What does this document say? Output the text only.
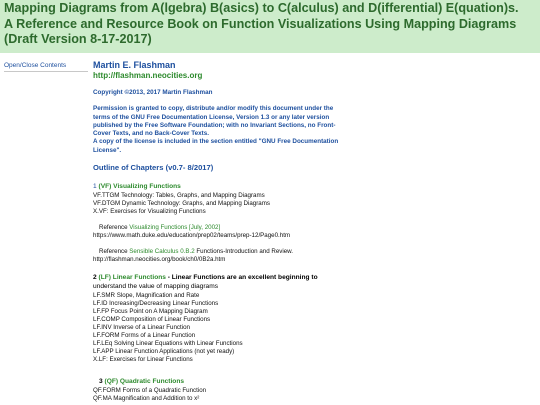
Mapping Diagrams from A(lgebra) B(asics) to C(alculus) and D(ifferential) E(quation)s.
A Reference and Resource Book on Function Visualizations Using Mapping Diagrams
(Draft Version 8-17-2017)
Open/Close Contents	Martin E. Flashman
http://flashman.neocities.org
Copyright ©2013, 2017 Martin Flashman
Permission is granted to copy, distribute and/or modify this document under the
terms of the GNU Free Documentation License, Version 1.3 or any later version
published by the Free Software Foundation; with no Invariant Sections, no Front-
Cover Texts, and no Back-Cover Texts.
A copy of the license is included in the section entitled "GNU Free Documentation
License".
Outline of Chapters (v0.7- 8/2017)
1 (VF) Visualizing Functions
VF.TTGM Technology: Tables, Graphs, and Mapping Diagrams
VF.DTGM Dynamic Technology: Graphs, and Mapping Diagrams
X.VF: Exercises for Visualizing Functions
Reference Visualizing Functions [July, 2002]
https://www.math.duke.edu/education/prep02/teams/prep-12/Page0.htm
Reference Sensible Calculus 0.B.2 Functions-Introduction and Review.
http://flashman.neocities.org/book/ch0/0B2a.htm
2 (LF) Linear Functions - Linear Functions are an excellent beginning to
understand the value of mapping diagrams
LF.SMR Slope, Magnification and Rate
LF.ID Increasing/Decreasing Linear Functions
LF.FP Focus Point on A Mapping Diagram
LF.COMP Composition of Linear Functions
LF.INV Inverse of a Linear Function
LF.FORM Forms of a Linear Function
LF.LEq Solving Linear Equations with Linear Functions
LF.APP Linear Function Applications (not yet ready)
X.LF: Exercises for Linear Functions
3 (QF) Quadratic Functions
QF.FORM Forms of a Quadratic Function
QF.MA Magnification and Addition to x²
